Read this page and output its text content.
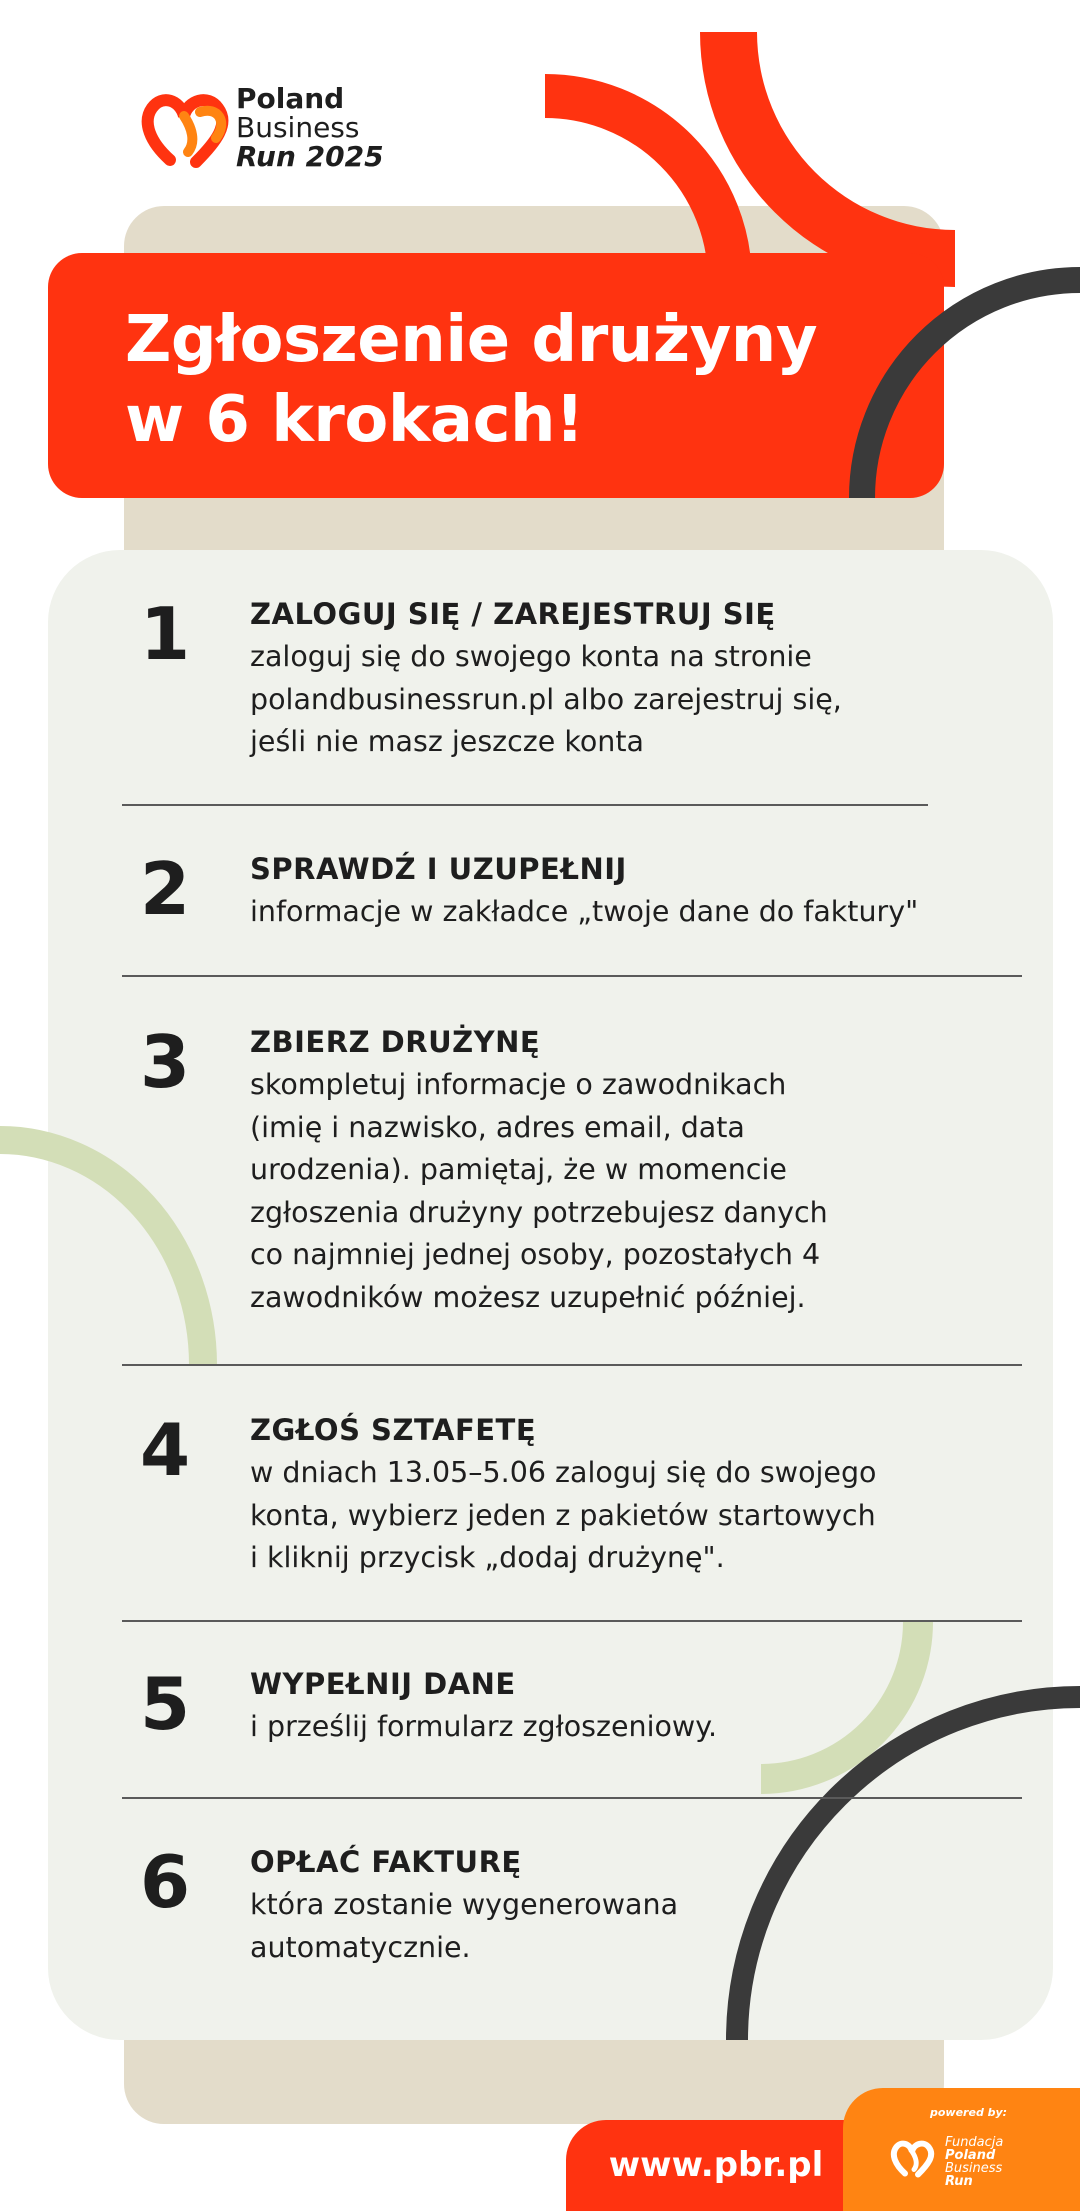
Poland
Business
Run 2025
Zgłoszenie drużyny
w 6 krokach!
1 ZALOGUJ SIĘ / ZAREJESTRUJ SIĘ
zaloguj się do swojego konta na stronie
polandbusinessrun.pl albo zarejestruj się,
jeśli nie masz jeszcze konta
2 SPRAWDŹ I UZUPEŁNIJ
informacje w zakładce „twoje dane do faktury"
3 ZBIERZ DRUŻYNĘ
skompletuj informacje o zawodnikach
(imię i nazwisko, adres email, data
urodzenia). pamiętaj, że w momencie
zgłoszenia drużyny potrzebujesz danych
co najmniej jednej osoby, pozostałych 4
zawodników możesz uzupełnić później.
4 ZGŁOŚ SZTAFETĘ
w dniach 13.05–5.06 zaloguj się do swojego
konta, wybierz jeden z pakietów startowych
i kliknij przycisk „dodaj drużynę".
5 WYPEŁNIJ DANE
i prześlij formularz zgłoszeniowy.
6 OPŁAĆ FAKTURĘ
która zostanie wygenerowana
automatycznie.
www.pbr.pl
powered by:
Fundacja
Poland
Business
Run
